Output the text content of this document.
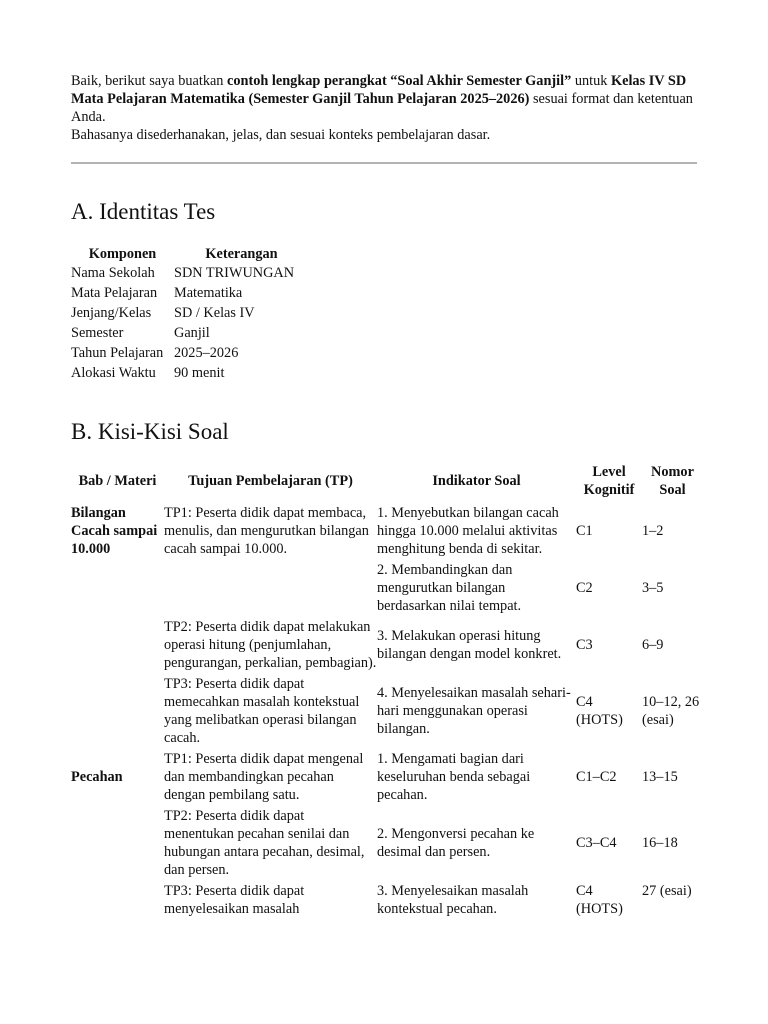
Baik, berikut saya buatkan contoh lengkap perangkat “Soal Akhir Semester Ganjil” untuk Kelas IV SD Mata Pelajaran Matematika (Semester Ganjil Tahun Pelajaran 2025–2026) sesuai format dan ketentuan Anda.

Bahasanya disederhanakan, jelas, dan sesuai konteks pembelajaran dasar.

A. Identitas Tes
Komponen	Keterangan
Nama Sekolah	SDN TRIWUNGAN
Mata Pelajaran	Matematika
Jenjang/Kelas	SD / Kelas IV
Semester	Ganjil
Tahun Pelajaran	2025–2026
Alokasi Waktu	90 menit
B. Kisi-Kisi Soal
Bab / Materi	Tujuan Pembelajaran (TP)	Indikator Soal	Level Kognitif	Nomor Soal
Bilangan Cacah sampai 10.000	TP1: Peserta didik dapat membaca, menulis, dan mengurutkan bilangan cacah sampai 10.000.	1. Menyebutkan bilangan cacah hingga 10.000 melalui aktivitas menghitung benda di sekitar.	C1	1–2
		2. Membandingkan dan mengurutkan bilangan berdasarkan nilai tempat.	C2	3–5
	TP2: Peserta didik dapat melakukan operasi hitung (penjumlahan, pengurangan, perkalian, pembagian).	3. Melakukan operasi hitung bilangan dengan model konkret.	C3	6–9
	TP3: Peserta didik dapat memecahkan masalah kontekstual yang melibatkan operasi bilangan cacah.	4. Menyelesaikan masalah sehari-hari menggunakan operasi bilangan.	C4 (HOTS)	10–12, 26 (esai)
Pecahan	TP1: Peserta didik dapat mengenal dan membandingkan pecahan dengan pembilang satu.	1. Mengamati bagian dari keseluruhan benda sebagai pecahan.	C1–C2	13–15
	TP2: Peserta didik dapat menentukan pecahan senilai dan hubungan antara pecahan, desimal, dan persen.	2. Mengonversi pecahan ke desimal dan persen.	C3–C4	16–18
	TP3: Peserta didik dapat menyelesaikan masalah	3. Menyelesaikan masalah kontekstual pecahan.	C4 (HOTS)	27 (esai)
